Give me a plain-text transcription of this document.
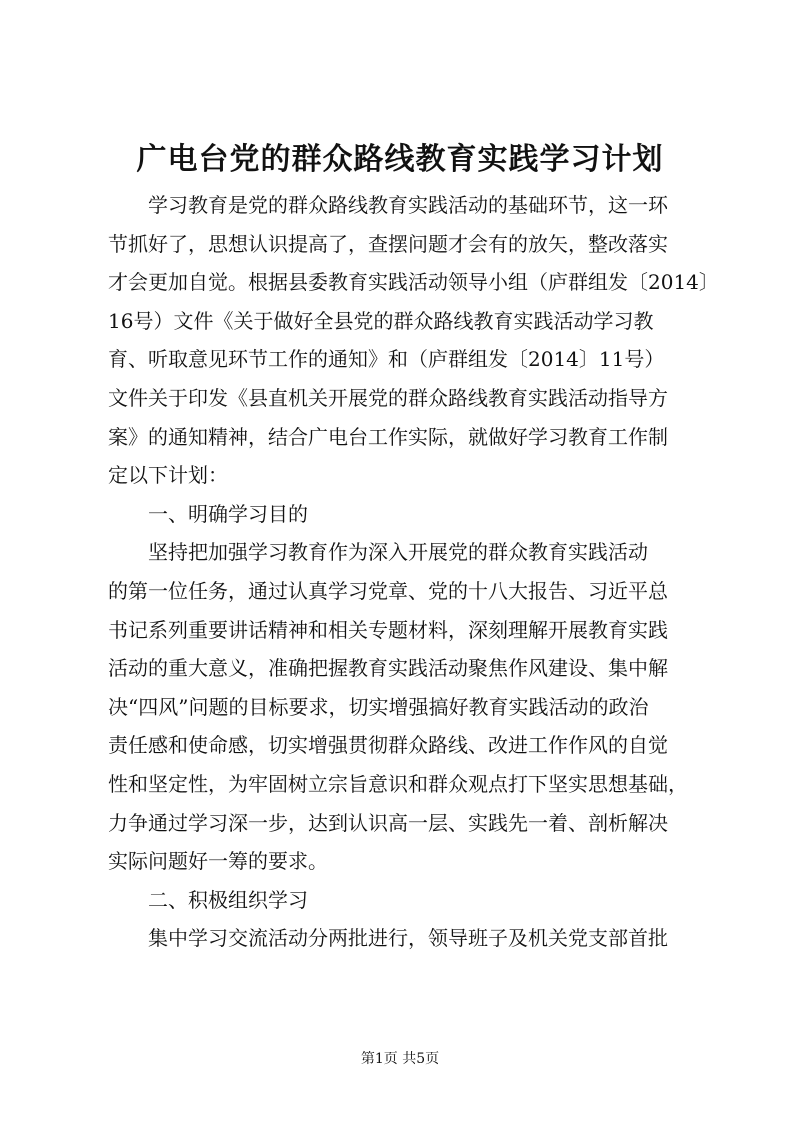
广电台党的群众路线教育实践学习计划
学习教育是党的群众路线教育实践活动的基础环节，这一环
节抓好了，思想认识提高了，查摆问题才会有的放矢，整改落实
才会更加自觉。根据县委教育实践活动领导小组（庐群组发〔2014〕
16号）文件《关于做好全县党的群众路线教育实践活动学习教
育、听取意见环节工作的通知》和（庐群组发〔2014〕11号）
文件关于印发《县直机关开展党的群众路线教育实践活动指导方
案》的通知精神，结合广电台工作实际，就做好学习教育工作制
定以下计划：
一、明确学习目的
坚持把加强学习教育作为深入开展党的群众教育实践活动
的第一位任务，通过认真学习党章、党的十八大报告、习近平总
书记系列重要讲话精神和相关专题材料，深刻理解开展教育实践
活动的重大意义，准确把握教育实践活动聚焦作风建设、集中解
决“四风”问题的目标要求，切实增强搞好教育实践活动的政治
责任感和使命感，切实增强贯彻群众路线、改进工作作风的自觉
性和坚定性，为牢固树立宗旨意识和群众观点打下坚实思想基础，
力争通过学习深一步，达到认识高一层、实践先一着、剖析解决
实际问题好一筹的要求。
二、积极组织学习
集中学习交流活动分两批进行，领导班子及机关党支部首批
第1页 共5页
